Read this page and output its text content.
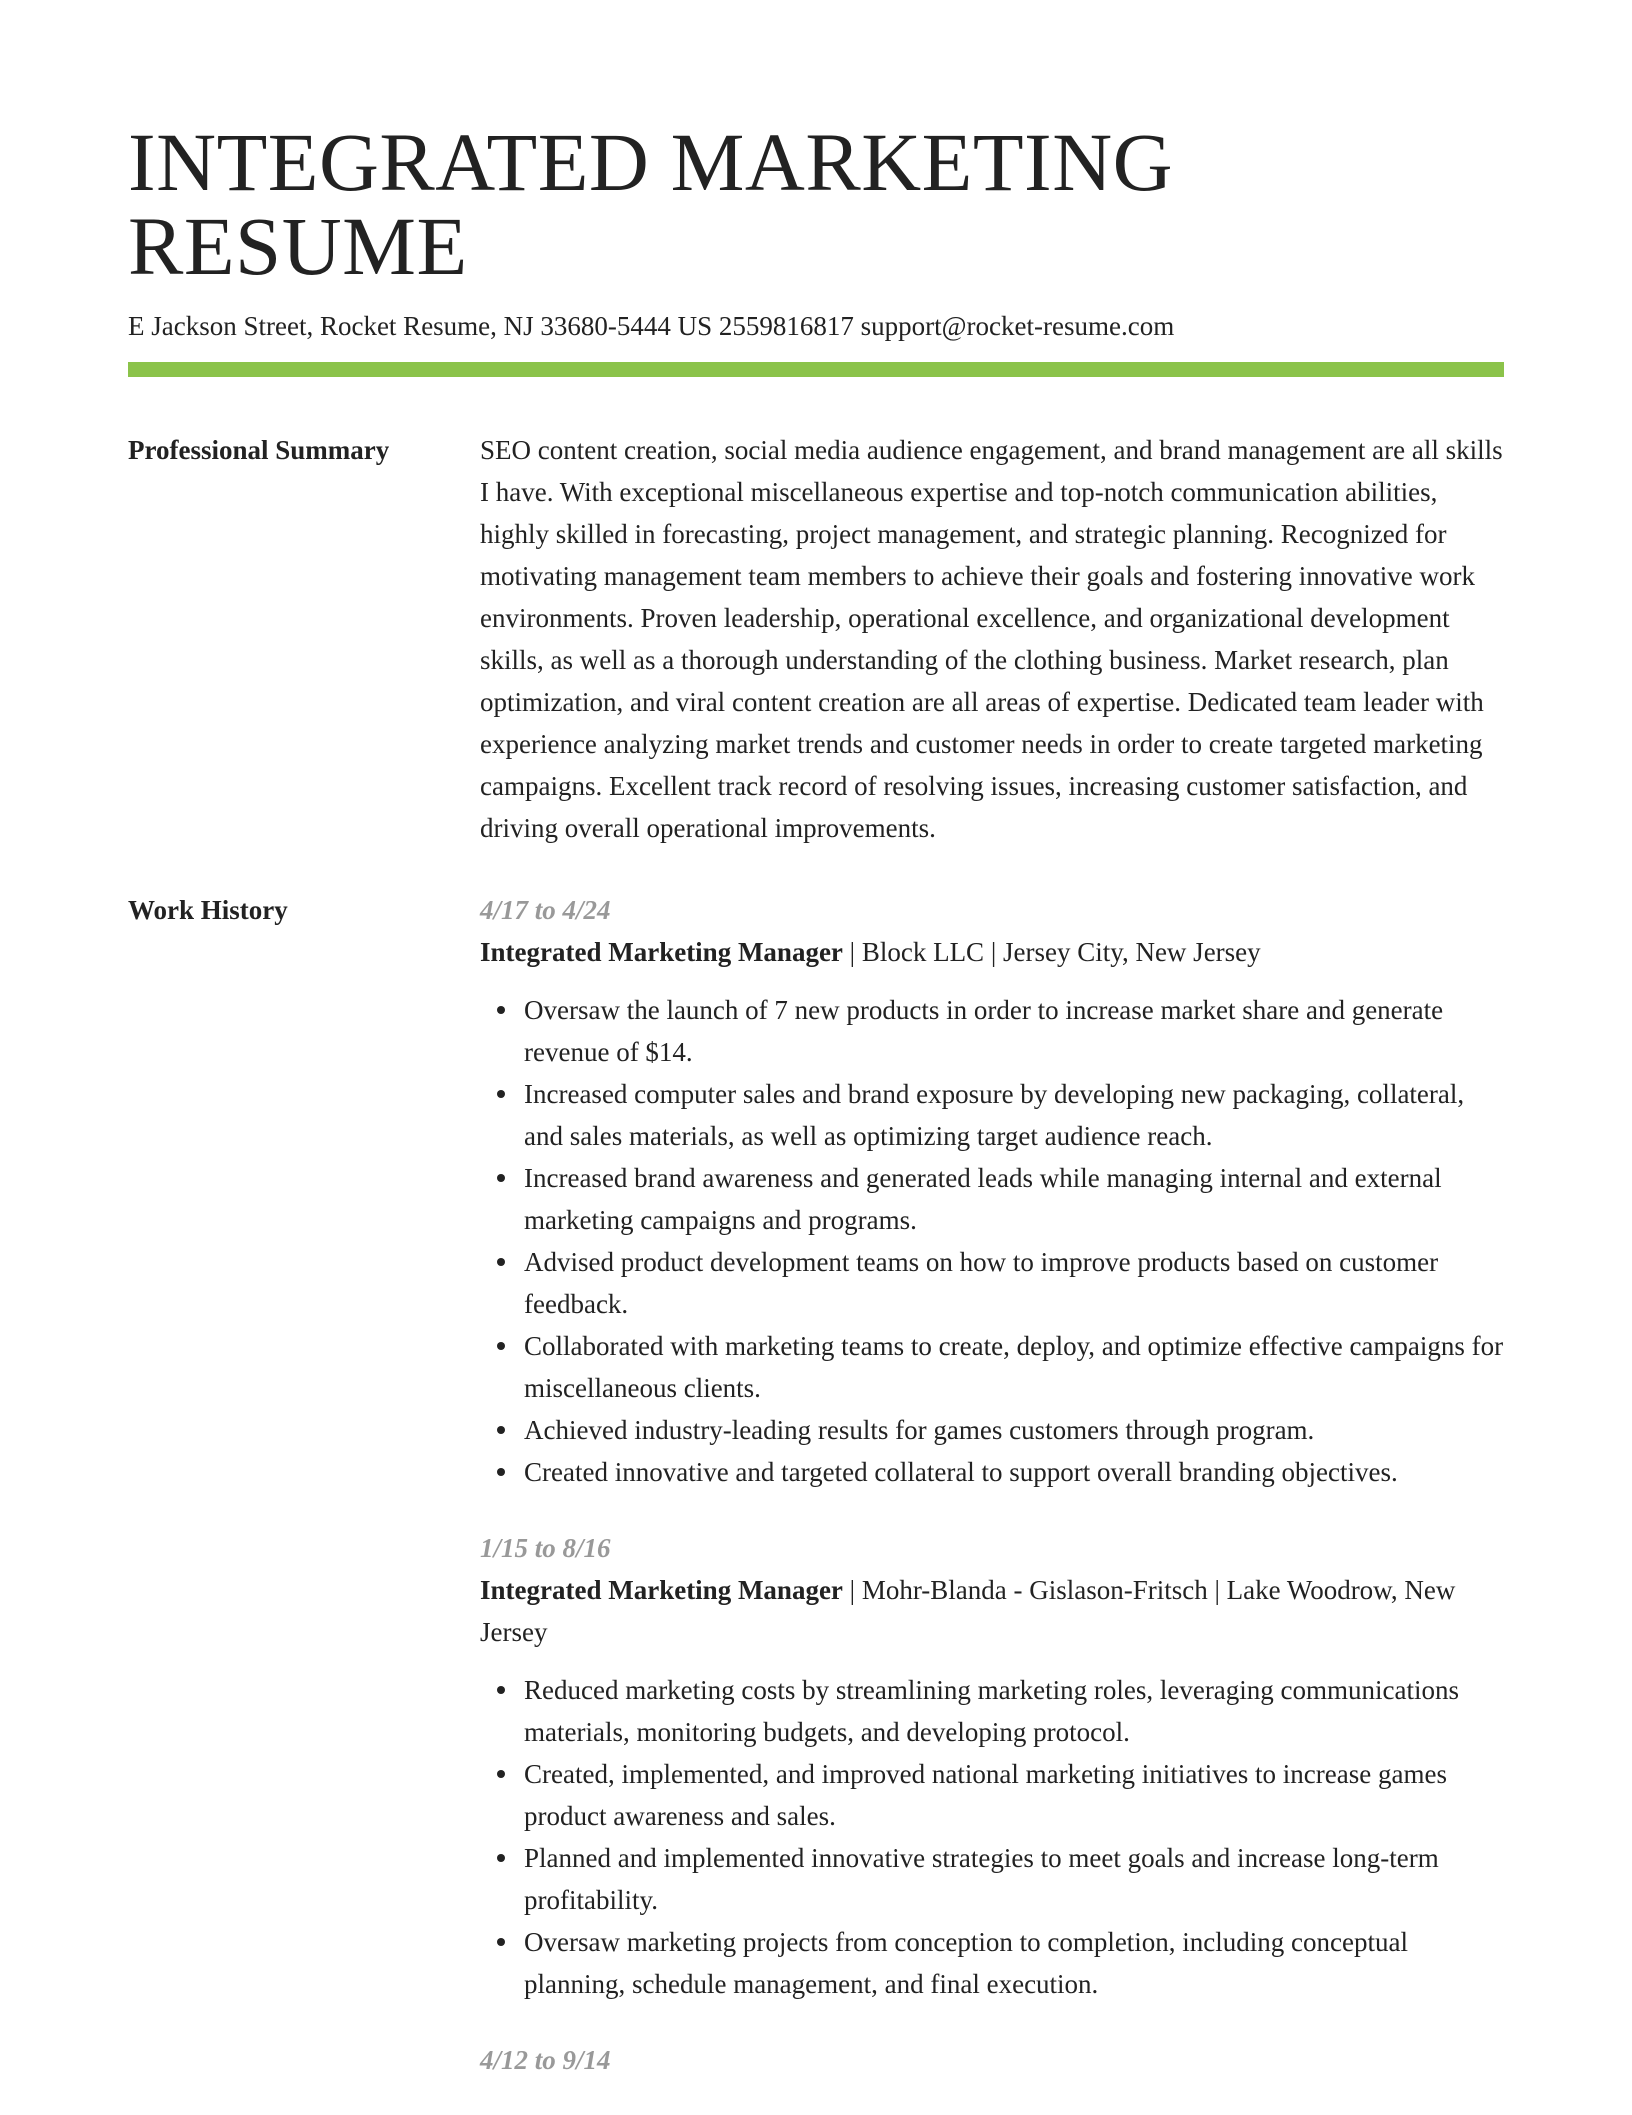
INTEGRATED MARKETING RESUME
E Jackson Street, Rocket Resume, NJ 33680-5444 US 2559816817 support@rocket-resume.com
Professional Summary	SEO content creation, social media audience engagement, and brand management are all skills I have. With exceptional miscellaneous expertise and top-notch communication abilities, highly skilled in forecasting, project management, and strategic planning. Recognized for motivating management team members to achieve their goals and fostering innovative work environments. Proven leadership, operational excellence, and organizational development skills, as well as a thorough understanding of the clothing business. Market research, plan optimization, and viral content creation are all areas of expertise. Dedicated team leader with experience analyzing market trends and customer needs in order to create targeted marketing campaigns. Excellent track record of resolving issues, increasing customer satisfaction, and driving overall operational improvements.

Work History	4/17 to 4/24
Integrated Marketing Manager | Block LLC | Jersey City, New Jersey
Oversaw the launch of 7 new products in order to increase market share and generate revenue of $14.
Increased computer sales and brand exposure by developing new packaging, collateral, and sales materials, as well as optimizing target audience reach.
Increased brand awareness and generated leads while managing internal and external marketing campaigns and programs.
Advised product development teams on how to improve products based on customer feedback.
Collaborated with marketing teams to create, deploy, and optimize effective campaigns for miscellaneous clients.
Achieved industry-leading results for games customers through program.
Created innovative and targeted collateral to support overall branding objectives.
1/15 to 8/16
Integrated Marketing Manager | Mohr-Blanda - Gislason-Fritsch | Lake Woodrow, New Jersey
Reduced marketing costs by streamlining marketing roles, leveraging communications materials, monitoring budgets, and developing protocol.
Created, implemented, and improved national marketing initiatives to increase games product awareness and sales.
Planned and implemented innovative strategies to meet goals and increase long-term profitability.
Oversaw marketing projects from conception to completion, including conceptual planning, schedule management, and final execution.
4/12 to 9/14
